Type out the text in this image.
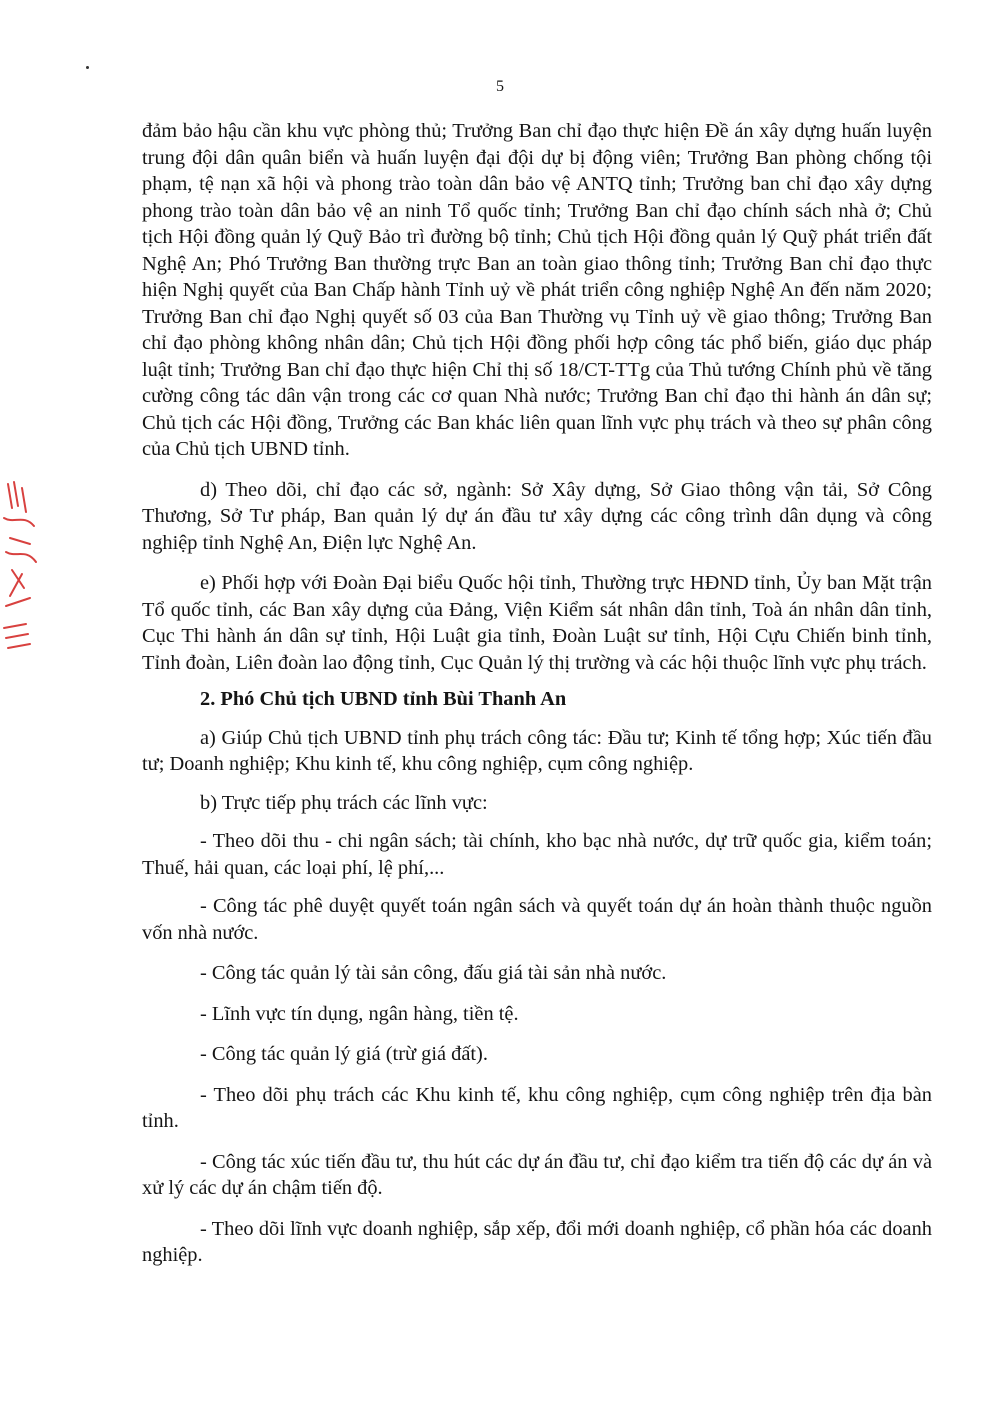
5

đảm bảo hậu cần khu vực phòng thủ; Trưởng Ban chỉ đạo thực hiện Đề án xây dựng huấn luyện trung đội dân quân biển và huấn luyện đại đội dự bị động viên; Trưởng Ban phòng chống tội phạm, tệ nạn xã hội và phong trào toàn dân bảo vệ ANTQ tỉnh; Trưởng ban chỉ đạo xây dựng phong trào toàn dân bảo vệ an ninh Tổ quốc tỉnh; Trưởng Ban chỉ đạo chính sách nhà ở; Chủ tịch Hội đồng quản lý Quỹ Bảo trì đường bộ tỉnh; Chủ tịch Hội đồng quản lý Quỹ phát triển đất Nghệ An; Phó Trưởng Ban thường trực Ban an toàn giao thông tỉnh; Trưởng Ban chỉ đạo thực hiện Nghị quyết của Ban Chấp hành Tỉnh uỷ về phát triển công nghiệp Nghệ An đến năm 2020; Trưởng Ban chỉ đạo Nghị quyết số 03 của Ban Thường vụ Tỉnh uỷ về giao thông; Trưởng Ban chỉ đạo phòng không nhân dân; Chủ tịch Hội đồng phối hợp công tác phổ biến, giáo dục pháp luật tỉnh; Trưởng Ban chỉ đạo thực hiện Chỉ thị số 18/CT-TTg của Thủ tướng Chính phủ về tăng cường công tác dân vận trong các cơ quan Nhà nước; Trưởng Ban chỉ đạo thi hành án dân sự; Chủ tịch các Hội đồng, Trưởng các Ban khác liên quan lĩnh vực phụ trách và theo sự phân công của Chủ tịch UBND tỉnh.

d) Theo dõi, chỉ đạo các sở, ngành: Sở Xây dựng, Sở Giao thông vận tải, Sở Công Thương, Sở Tư pháp, Ban quản lý dự án đầu tư xây dựng các công trình dân dụng và công nghiệp tỉnh Nghệ An, Điện lực Nghệ An.

e) Phối hợp với Đoàn Đại biểu Quốc hội tỉnh, Thường trực HĐND tỉnh, Ủy ban Mặt trận Tổ quốc tỉnh, các Ban xây dựng của Đảng, Viện Kiểm sát nhân dân tỉnh, Toà án nhân dân tỉnh, Cục Thi hành án dân sự tỉnh, Hội Luật gia tỉnh, Đoàn Luật sư tỉnh, Hội Cựu Chiến binh tỉnh, Tỉnh đoàn, Liên đoàn lao động tỉnh, Cục Quản lý thị trường và các hội thuộc lĩnh vực phụ trách.

2. Phó Chủ tịch UBND tỉnh Bùi Thanh An

a) Giúp Chủ tịch UBND tỉnh phụ trách công tác: Đầu tư; Kinh tế tổng hợp; Xúc tiến đầu tư; Doanh nghiệp; Khu kinh tế, khu công nghiệp, cụm công nghiệp.

b) Trực tiếp phụ trách các lĩnh vực:

- Theo dõi thu - chi ngân sách; tài chính, kho bạc nhà nước, dự trữ quốc gia, kiểm toán; Thuế, hải quan, các loại phí, lệ phí,...

- Công tác phê duyệt quyết toán ngân sách và quyết toán dự án hoàn thành thuộc nguồn vốn nhà nước.

- Công tác quản lý tài sản công, đấu giá tài sản nhà nước.

- Lĩnh vực tín dụng, ngân hàng, tiền tệ.

- Công tác quản lý giá (trừ giá đất).

- Theo dõi phụ trách các Khu kinh tế, khu công nghiệp, cụm công nghiệp trên địa bàn tỉnh.

- Công tác xúc tiến đầu tư, thu hút các dự án đầu tư, chỉ đạo kiểm tra tiến độ các dự án và xử lý các dự án chậm tiến độ.

- Theo dõi lĩnh vực doanh nghiệp, sắp xếp, đổi mới doanh nghiệp, cổ phần hóa các doanh nghiệp.
